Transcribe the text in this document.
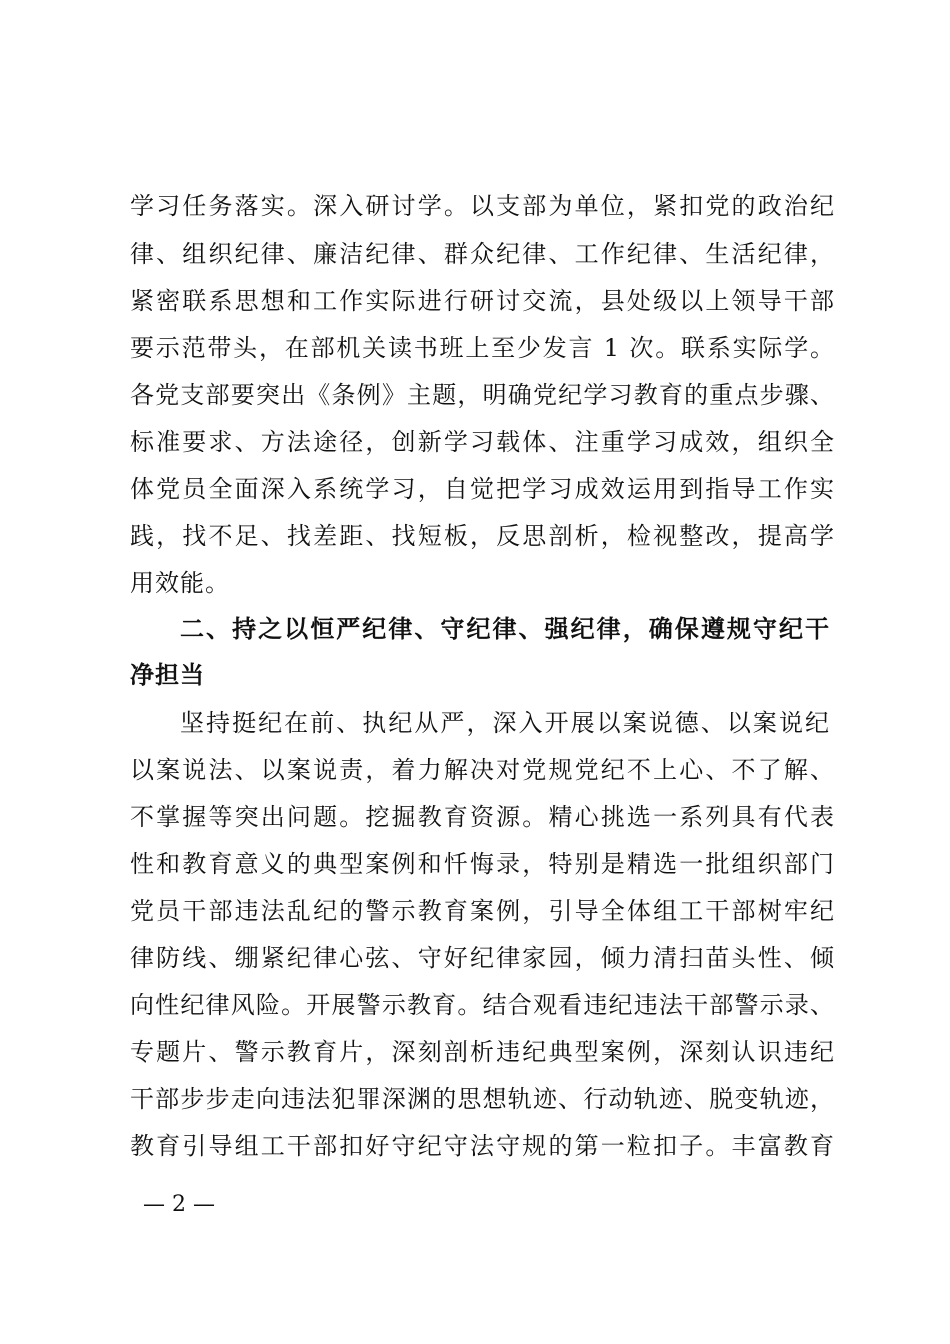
学习任务落实。深入研讨学。以支部为单位，紧扣党的政治纪
律、组织纪律、廉洁纪律、群众纪律、工作纪律、生活纪律，
紧密联系思想和工作实际进行研讨交流，县处级以上领导干部
要示范带头，在部机关读书班上至少发言 1 次。联系实际学。
各党支部要突出《条例》主题，明确党纪学习教育的重点步骤、
标准要求、方法途径，创新学习载体、注重学习成效，组织全
体党员全面深入系统学习，自觉把学习成效运用到指导工作实
践，找不足、找差距、找短板，反思剖析，检视整改，提高学
用效能。
二、持之以恒严纪律、守纪律、强纪律，确保遵规守纪干
净担当
坚持挺纪在前、执纪从严，深入开展以案说德、以案说纪
以案说法、以案说责，着力解决对党规党纪不上心、不了解、
不掌握等突出问题。挖掘教育资源。精心挑选一系列具有代表
性和教育意义的典型案例和忏悔录，特别是精选一批组织部门
党员干部违法乱纪的警示教育案例，引导全体组工干部树牢纪
律防线、绷紧纪律心弦、守好纪律家园，倾力清扫苗头性、倾
向性纪律风险。开展警示教育。结合观看违纪违法干部警示录、
专题片、警示教育片，深刻剖析违纪典型案例，深刻认识违纪
干部步步走向违法犯罪深渊的思想轨迹、行动轨迹、脱变轨迹，
教育引导组工干部扣好守纪守法守规的第一粒扣子。丰富教育
— 2 —
